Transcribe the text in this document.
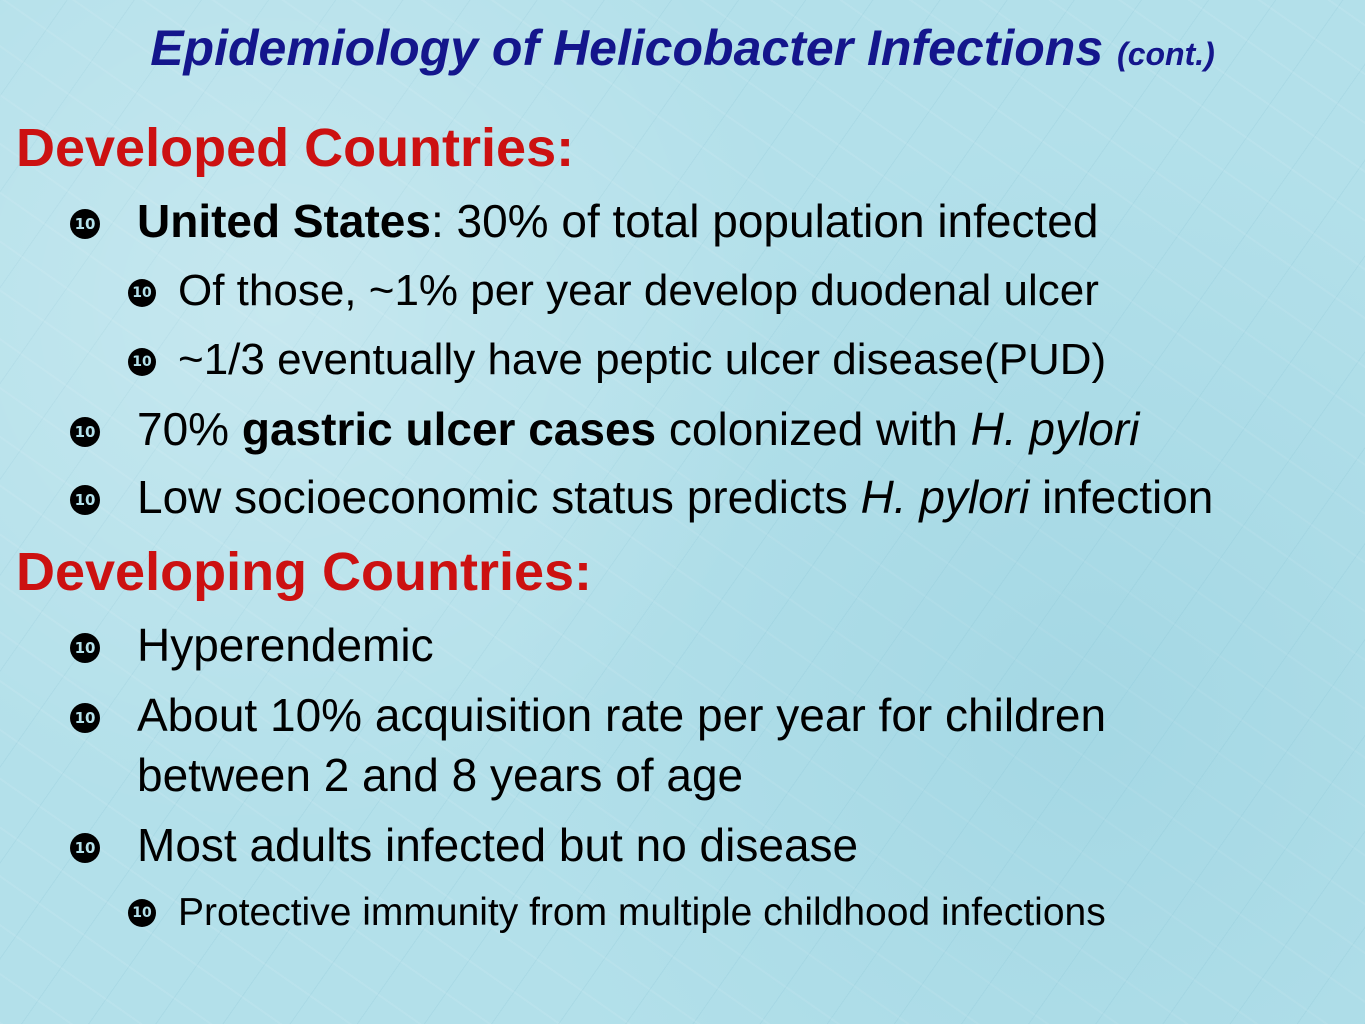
Epidemiology of Helicobacter Infections (cont.)
Developed Countries:
10 United States: 30% of total population infected
10 Of those, ~1% per year develop duodenal ulcer
10 ~1/3 eventually have peptic ulcer disease(PUD)
10 70% gastric ulcer cases colonized with H. pylori
10 Low socioeconomic status predicts H. pylori infection
Developing Countries:
10 Hyperendemic
10 About 10% acquisition rate per year for children
between 2 and 8 years of age
10 Most adults infected but no disease
10 Protective immunity from multiple childhood infections
